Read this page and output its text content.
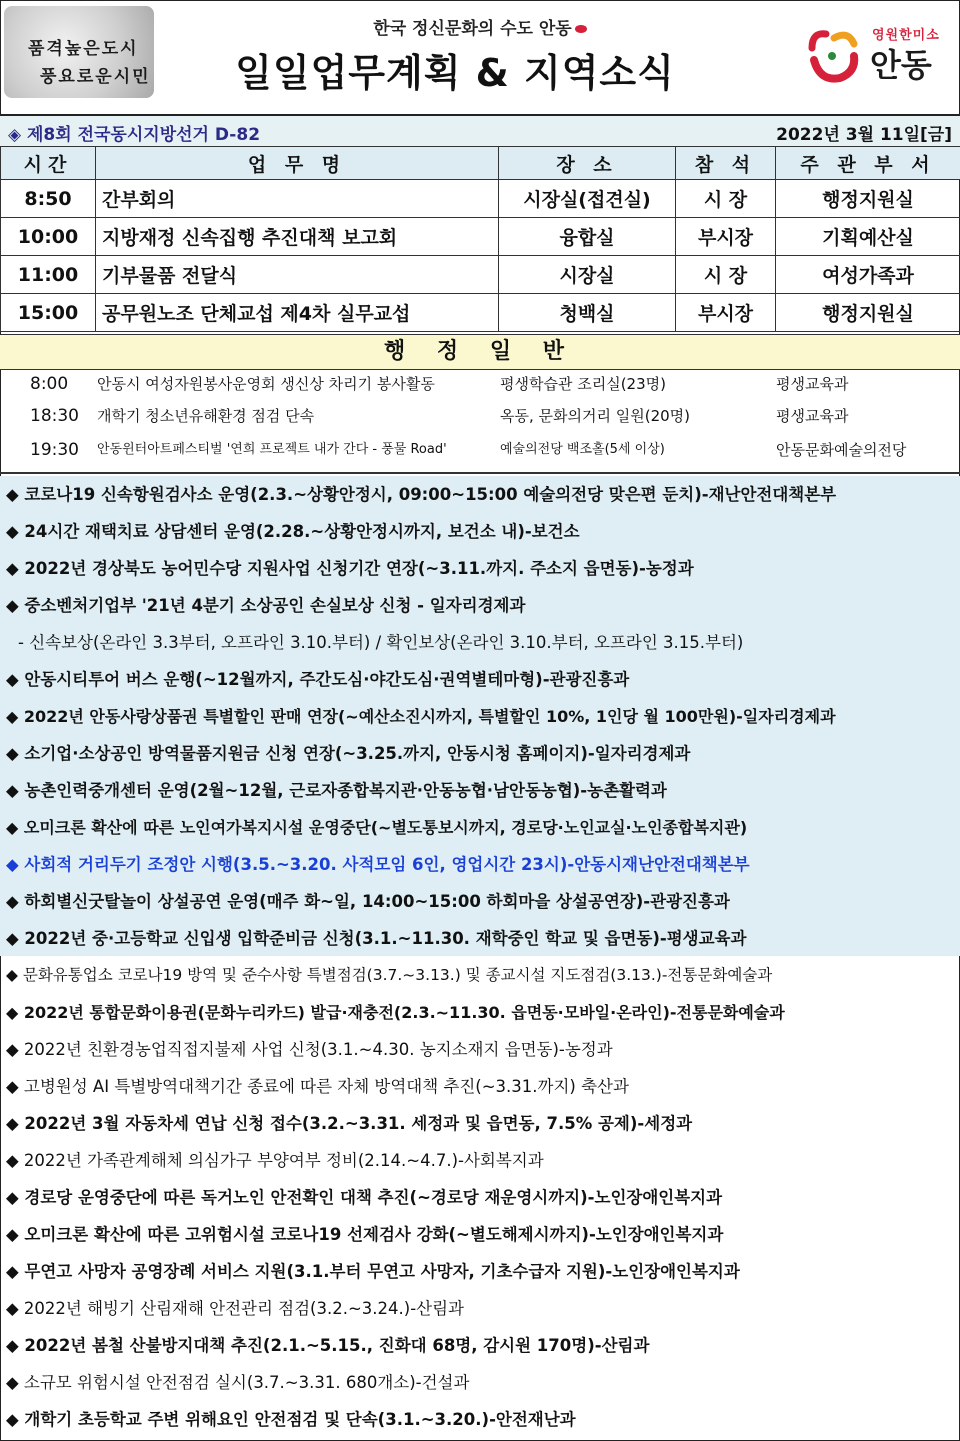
품격높은도시
풍요로운시민
한국 정신문화의 수도 안동
일일업무계획 & 지역소식
영원한미소
안동
◈ 제8회 전국동시지방선거 D-82	2022년 3월 11일[금]
시간	업 무 명	장 소	참 석	주 관 부 서
8:50	간부회의	시장실(접견실)	시 장	행정지원실
10:00	지방재정 신속집행 추진대책 보고회	융합실	부시장	기획예산실
11:00	기부물품 전달식	시장실	시 장	여성가족과
15:00	공무원노조 단체교섭 제4차 실무교섭	청백실	부시장	행정지원실
행 정 일 반
8:00	안동시 여성자원봉사운영회 생신상 차리기 봉사활동	평생학습관 조리실(23명)	평생교육과
18:30	개학기 청소년유해환경 점검 단속	옥동, 문화의거리 일원(20명)	평생교육과
19:30	안동윈터아트페스티벌 '연희 프로젝트 내가 간다 - 풍물 Road'	예술의전당 백조홀(5세 이상)	안동문화예술의전당
◆ 코로나19 신속항원검사소 운영(2.3.~상황안정시, 09:00~15:00 예술의전당 맞은편 둔치)-재난안전대책본부
◆ 24시간 재택치료 상담센터 운영(2.28.~상황안정시까지, 보건소 내)-보건소
◆ 2022년 경상북도 농어민수당 지원사업 신청기간 연장(~3.11.까지. 주소지 읍면동)-농정과
◆ 중소벤처기업부 '21년 4분기 소상공인 손실보상 신청 - 일자리경제과
- 신속보상(온라인 3.3부터, 오프라인 3.10.부터) / 확인보상(온라인 3.10.부터, 오프라인 3.15.부터)
◆ 안동시티투어 버스 운행(~12월까지, 주간도심·야간도심·권역별테마형)-관광진흥과
◆ 2022년 안동사랑상품권 특별할인 판매 연장(~예산소진시까지, 특별할인 10%, 1인당 월 100만원)-일자리경제과
◆ 소기업·소상공인 방역물품지원금 신청 연장(~3.25.까지, 안동시청 홈페이지)-일자리경제과
◆ 농촌인력중개센터 운영(2월~12월, 근로자종합복지관·안동농협·남안동농협)-농촌활력과
◆ 오미크론 확산에 따른 노인여가복지시설 운영중단(~별도통보시까지, 경로당·노인교실·노인종합복지관)
◆ 사회적 거리두기 조정안 시행(3.5.~3.20. 사적모임 6인, 영업시간 23시)-안동시재난안전대책본부
◆ 하회별신굿탈놀이 상설공연 운영(매주 화~일, 14:00~15:00 하회마을 상설공연장)-관광진흥과
◆ 2022년 중·고등학교 신입생 입학준비금 신청(3.1.~11.30. 재학중인 학교 및 읍면동)-평생교육과
◆ 문화유통업소 코로나19 방역 및 준수사항 특별점검(3.7.~3.13.) 및 종교시설 지도점검(3.13.)-전통문화예술과
◆ 2022년 통합문화이용권(문화누리카드) 발급·재충전(2.3.~11.30. 읍면동·모바일·온라인)-전통문화예술과
◆ 2022년 친환경농업직접지불제 사업 신청(3.1.~4.30. 농지소재지 읍면동)-농정과
◆ 고병원성 AI 특별방역대책기간 종료에 따른 자체 방역대책 추진(~3.31.까지) 축산과
◆ 2022년 3월 자동차세 연납 신청 접수(3.2.~3.31. 세정과 및 읍면동, 7.5% 공제)-세정과
◆ 2022년 가족관계해체 의심가구 부양여부 정비(2.14.~4.7.)-사회복지과
◆ 경로당 운영중단에 따른 독거노인 안전확인 대책 추진(~경로당 재운영시까지)-노인장애인복지과
◆ 오미크론 확산에 따른 고위험시설 코로나19 선제검사 강화(~별도해제시까지)-노인장애인복지과
◆ 무연고 사망자 공영장례 서비스 지원(3.1.부터 무연고 사망자, 기초수급자 지원)-노인장애인복지과
◆ 2022년 해빙기 산림재해 안전관리 점검(3.2.~3.24.)-산림과
◆ 2022년 봄철 산불방지대책 추진(2.1.~5.15., 진화대 68명, 감시원 170명)-산림과
◆ 소규모 위험시설 안전점검 실시(3.7.~3.31. 680개소)-건설과
◆ 개학기 초등학교 주변 위해요인 안전점검 및 단속(3.1.~3.20.)-안전재난과
